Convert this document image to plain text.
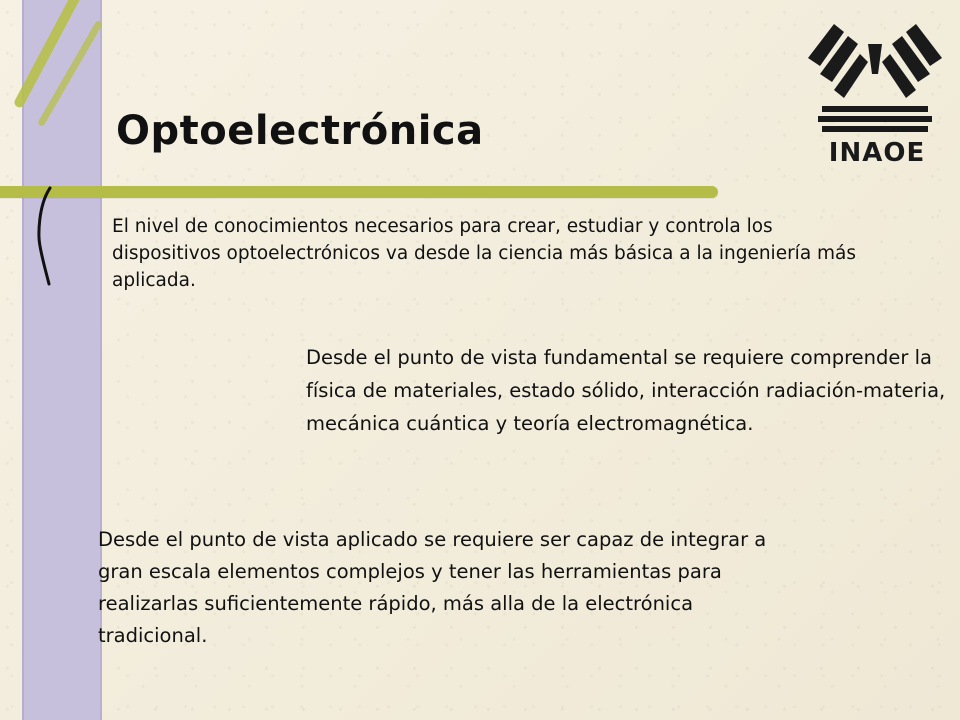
Optoelectrónica	INAOE

El nivel de conocimientos necesarios para crear, estudiar y controla los dispositivos optoelectrónicos va desde la ciencia más básica a la ingeniería más aplicada.

Desde el punto de vista fundamental se requiere comprender la física de materiales, estado sólido, interacción radiación-materia, mecánica cuántica y teoría electromagnética.

Desde el punto de vista aplicado se requiere ser capaz de integrar a gran escala elementos complejos y tener las herramientas para realizarlas suficientemente rápido, más alla de la electrónica tradicional.
